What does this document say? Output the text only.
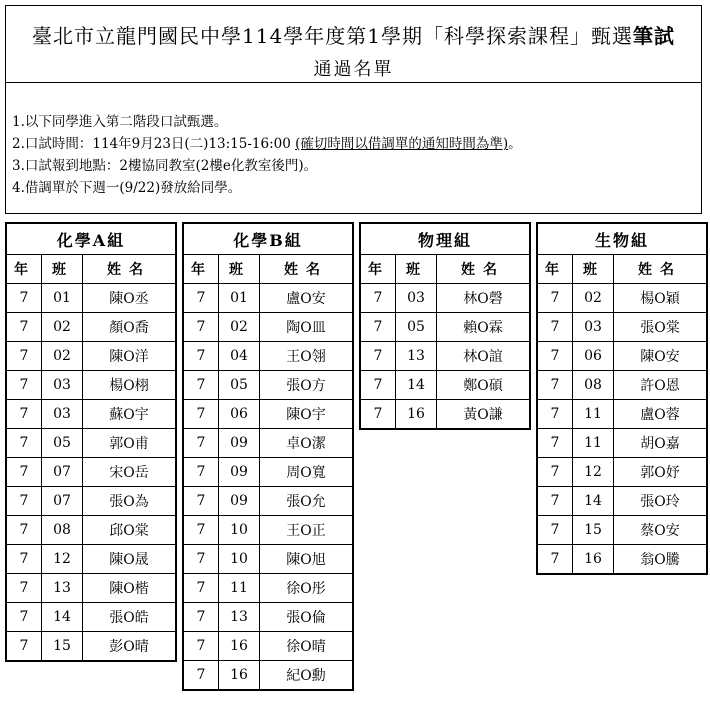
臺北市立龍門國民中學114學年度第1學期「科學探索課程」甄選筆試
通過名單
1.以下同學進入第二階段口試甄選。
2.口試時間：114年9月23日(二)13:15-16:00 (確切時間以借調單的通知時間為準)。
3.口試報到地點：2樓協同教室(2樓e化教室後門)。
4.借調單於下週一(9/22)發放給同學。
化學A組		
年	班	姓名
7	01	陳O丞
7	02	顏O喬
7	02	陳O洋
7	03	楊O栩
7	03	蘇O宇
7	05	郭O甫
7	07	宋O岳
7	07	張O為
7	08	邱O棠
7	12	陳O晟
7	13	陳O楷
7	14	張O皓
7	15	彭O晴
化學B組		
年	班	姓名
7	01	盧O安
7	02	陶O皿
7	04	王O翎
7	05	張O方
7	06	陳O宇
7	09	卓O潔
7	09	周O寬
7	09	張O允
7	10	王O正
7	10	陳O旭
7	11	徐O彤
7	13	張O倫
7	16	徐O晴
7	16	紀O勳
物理組		
年	班	姓名
7	03	林O磬
7	05	賴O霖
7	13	林O誼
7	14	鄭O碩
7	16	黃O謙
生物組		
年	班	姓名
7	02	楊O穎
7	03	張O棠
7	06	陳O安
7	08	許O恩
7	11	盧O蓉
7	11	胡O嘉
7	12	郭O妤
7	14	張O玲
7	15	蔡O安
7	16	翁O騰
